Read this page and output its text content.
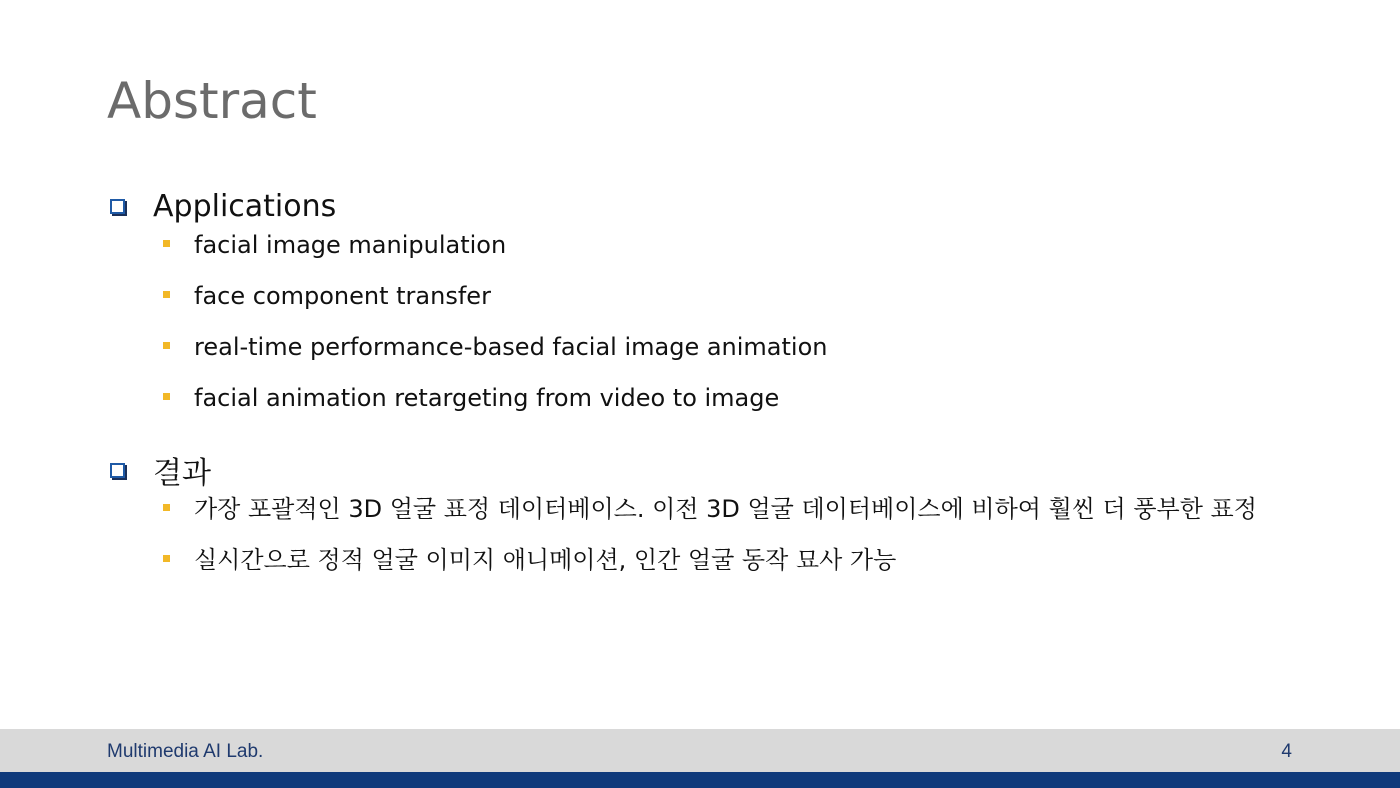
Abstract
Applications
facial image manipulation
face component transfer
real-time performance-based facial image animation
facial animation retargeting from video to image
결과
가장 포괄적인 3D 얼굴 표정 데이터베이스. 이전 3D 얼굴 데이터베이스에 비하여 훨씬 더 풍부한 표정
실시간으로 정적 얼굴 이미지 애니메이션, 인간 얼굴 동작 묘사 가능
Multimedia AI Lab.	4
